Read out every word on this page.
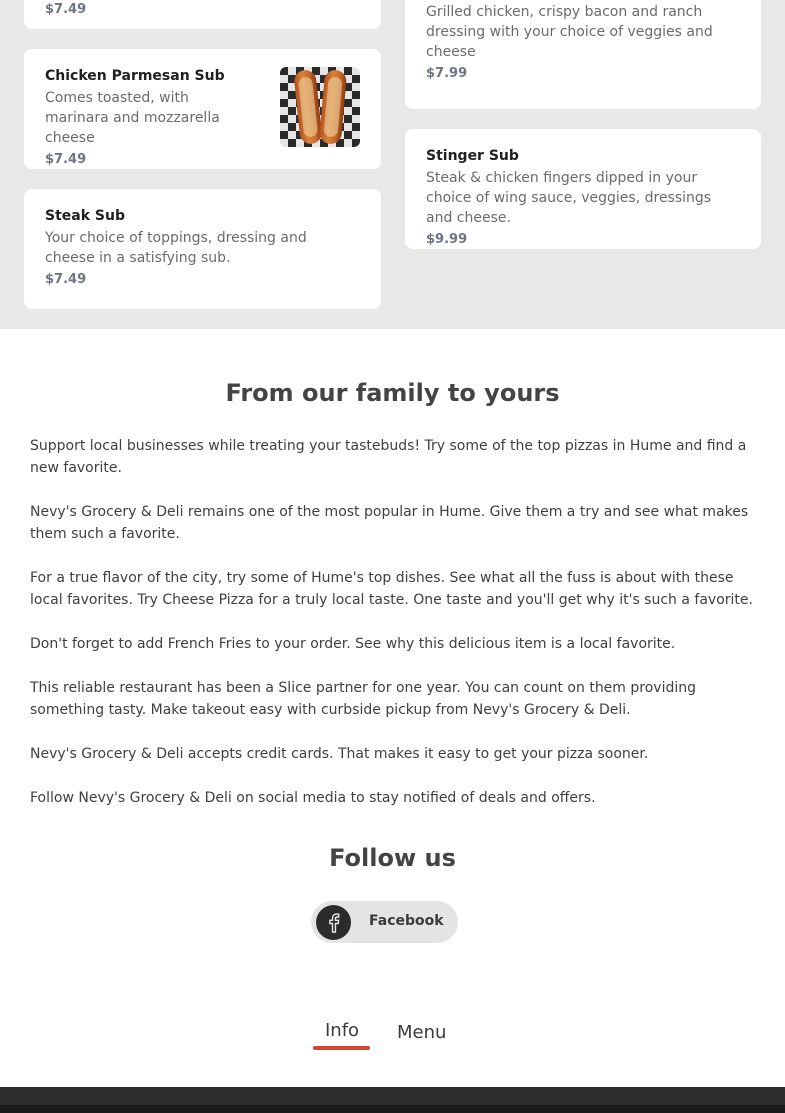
$7.49	Grilled chicken, crispy bacon and ranch dressing with your choice of veggies and cheese
$7.99
Chicken Parmesan Sub
Comes toasted, with marinara and mozzarella cheese
$7.49	Stinger Sub
Steak & chicken fingers dipped in your choice of wing sauce, veggies, dressings and cheese.
$9.99
Steak Sub
Your choice of toppings, dressing and cheese in a satisfying sub.
$7.49
From our family to yours

Support local businesses while treating your tastebuds! Try some of the top pizzas in Hume and find a new favorite.

Nevy's Grocery & Deli remains one of the most popular in Hume. Give them a try and see what makes them such a favorite.

For a true flavor of the city, try some of Hume's top dishes. See what all the fuss is about with these local favorites. Try Cheese Pizza for a truly local taste. One taste and you'll get why it's such a favorite.

Don't forget to add French Fries to your order. See why this delicious item is a local favorite.

This reliable restaurant has been a Slice partner for one year. You can count on them providing something tasty. Make takeout easy with curbside pickup from Nevy's Grocery & Deli.

Nevy's Grocery & Deli accepts credit cards. That makes it easy to get your pizza sooner.

Follow Nevy's Grocery & Deli on social media to stay notified of deals and offers.

Follow us
Facebook
Info Menu
